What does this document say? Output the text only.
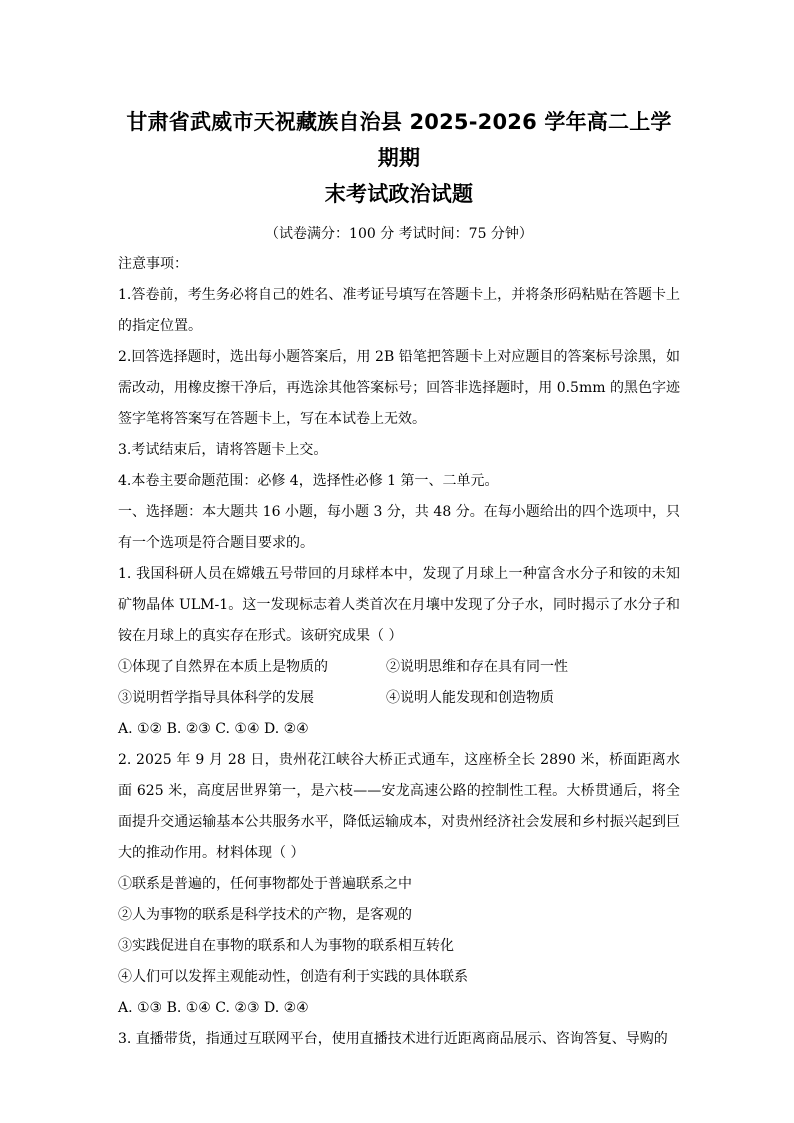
甘肃省武威市天祝藏族自治县 2025-2026 学年高二上学期期
末考试政治试题
（试卷满分：100 分 考试时间：75 分钟）
注意事项：
1.答卷前，考生务必将自己的姓名、准考证号填写在答题卡上，并将条形码粘贴在答题卡上的指定位置。
2.回答选择题时，选出每小题答案后，用 2B 铅笔把答题卡上对应题目的答案标号涂黑，如需改动，用橡皮擦干净后，再选涂其他答案标号；回答非选择题时，用 0.5mm 的黑色字迹签字笔将答案写在答题卡上，写在本试卷上无效。
3.考试结束后，请将答题卡上交。
4.本卷主要命题范围：必修 4，选择性必修 1 第一、二单元。
一、选择题：本大题共 16 小题，每小题 3 分，共 48 分。在每小题给出的四个选项中，只有一个选项是符合题目要求的。
1. 我国科研人员在嫦娥五号带回的月球样本中，发现了月球上一种富含水分子和铵的未知矿物晶体 ULM-1。这一发现标志着人类首次在月壤中发现了分子水，同时揭示了水分子和铵在月球上的真实存在形式。该研究成果（ ）
①体现了自然界在本质上是物质的	②说明思维和存在具有同一性
③说明哲学指导具体科学的发展	④说明人能发现和创造物质
A. ①② B. ②③ C. ①④ D. ②④
2. 2025 年 9 月 28 日，贵州花江峡谷大桥正式通车，这座桥全长 2890 米，桥面距离水面 625 米，高度居世界第一，是六枝——安龙高速公路的控制性工程。大桥贯通后，将全面提升交通运输基本公共服务水平，降低运输成本，对贵州经济社会发展和乡村振兴起到巨大的推动作用。材料体现（ ）
①联系是普遍的，任何事物都处于普遍联系之中
②人为事物的联系是科学技术的产物，是客观的
③实践促进自在事物的联系和人为事物的联系相互转化
④人们可以发挥主观能动性，创造有利于实践的具体联系
A. ①③ B. ①④ C. ②③ D. ②④
3. 直播带货，指通过互联网平台，使用直播技术进行近距离商品展示、咨询答复、导购的
